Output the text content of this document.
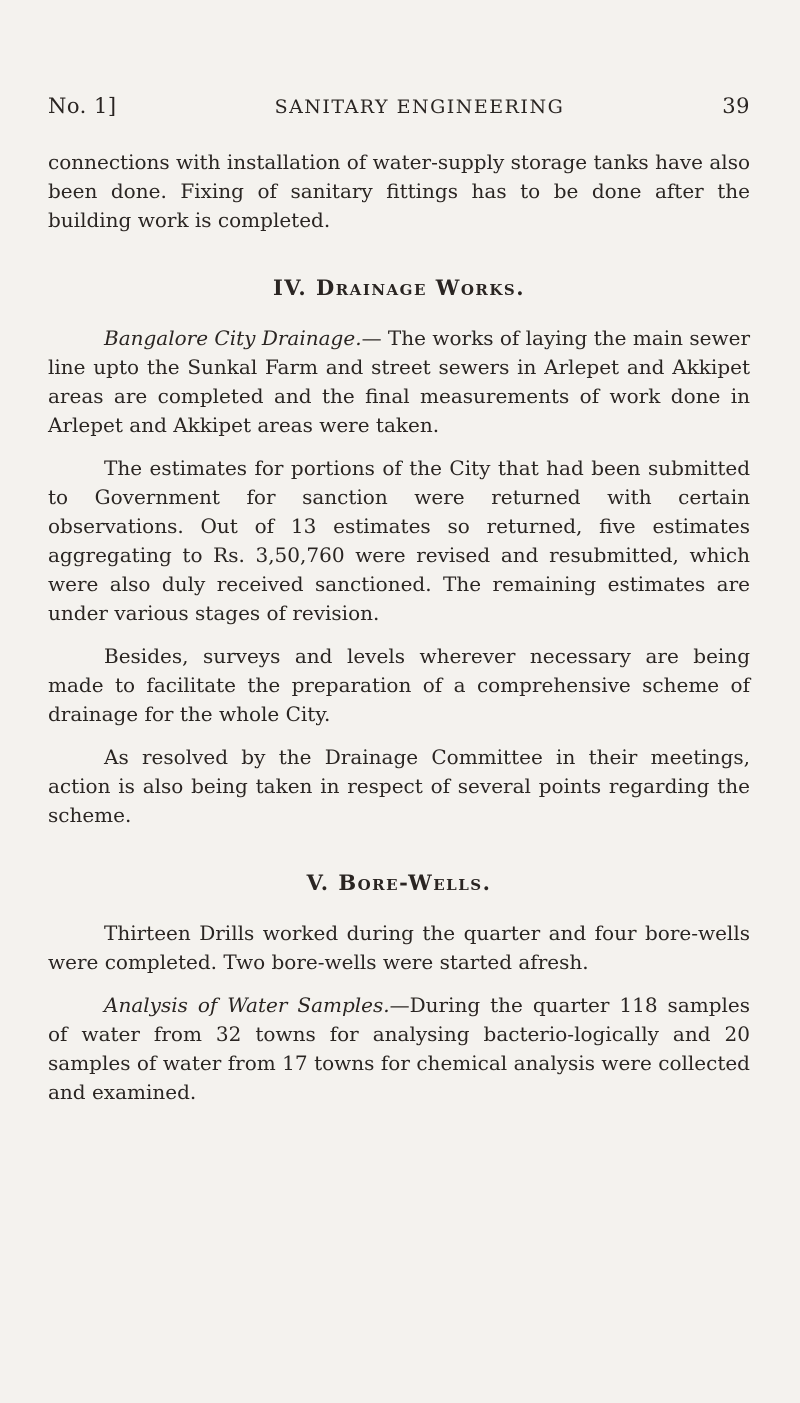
No. 1]	SANITARY ENGINEERING	39

connections with installation of water-supply storage tanks have also been done. Fixing of sanitary fittings has to be done after the building work is completed.

IV. Drainage Works.

Bangalore City Drainage.— The works of laying the main sewer line upto the Sunkal Farm and street sewers in Arlepet and Akkipet areas are completed and the final measurements of work done in Arlepet and Akkipet areas were taken.

The estimates for portions of the City that had been submitted to Government for sanction were returned with certain observations. Out of 13 estimates so returned, five estimates aggregating to Rs. 3,50,760 were revised and resubmitted, which were also duly received sanctioned. The remaining estimates are under various stages of revision.

Besides, surveys and levels wherever necessary are being made to facilitate the preparation of a comprehensive scheme of drainage for the whole City.

As resolved by the Drainage Committee in their meetings, action is also being taken in respect of several points regarding the scheme.

V. Bore-Wells.

Thirteen Drills worked during the quarter and four bore-wells were completed. Two bore-wells were started afresh.

Analysis of Water Samples.—During the quarter 118 samples of water from 32 towns for analysing bacterio-logically and 20 samples of water from 17 towns for chemical analysis were collected and examined.
